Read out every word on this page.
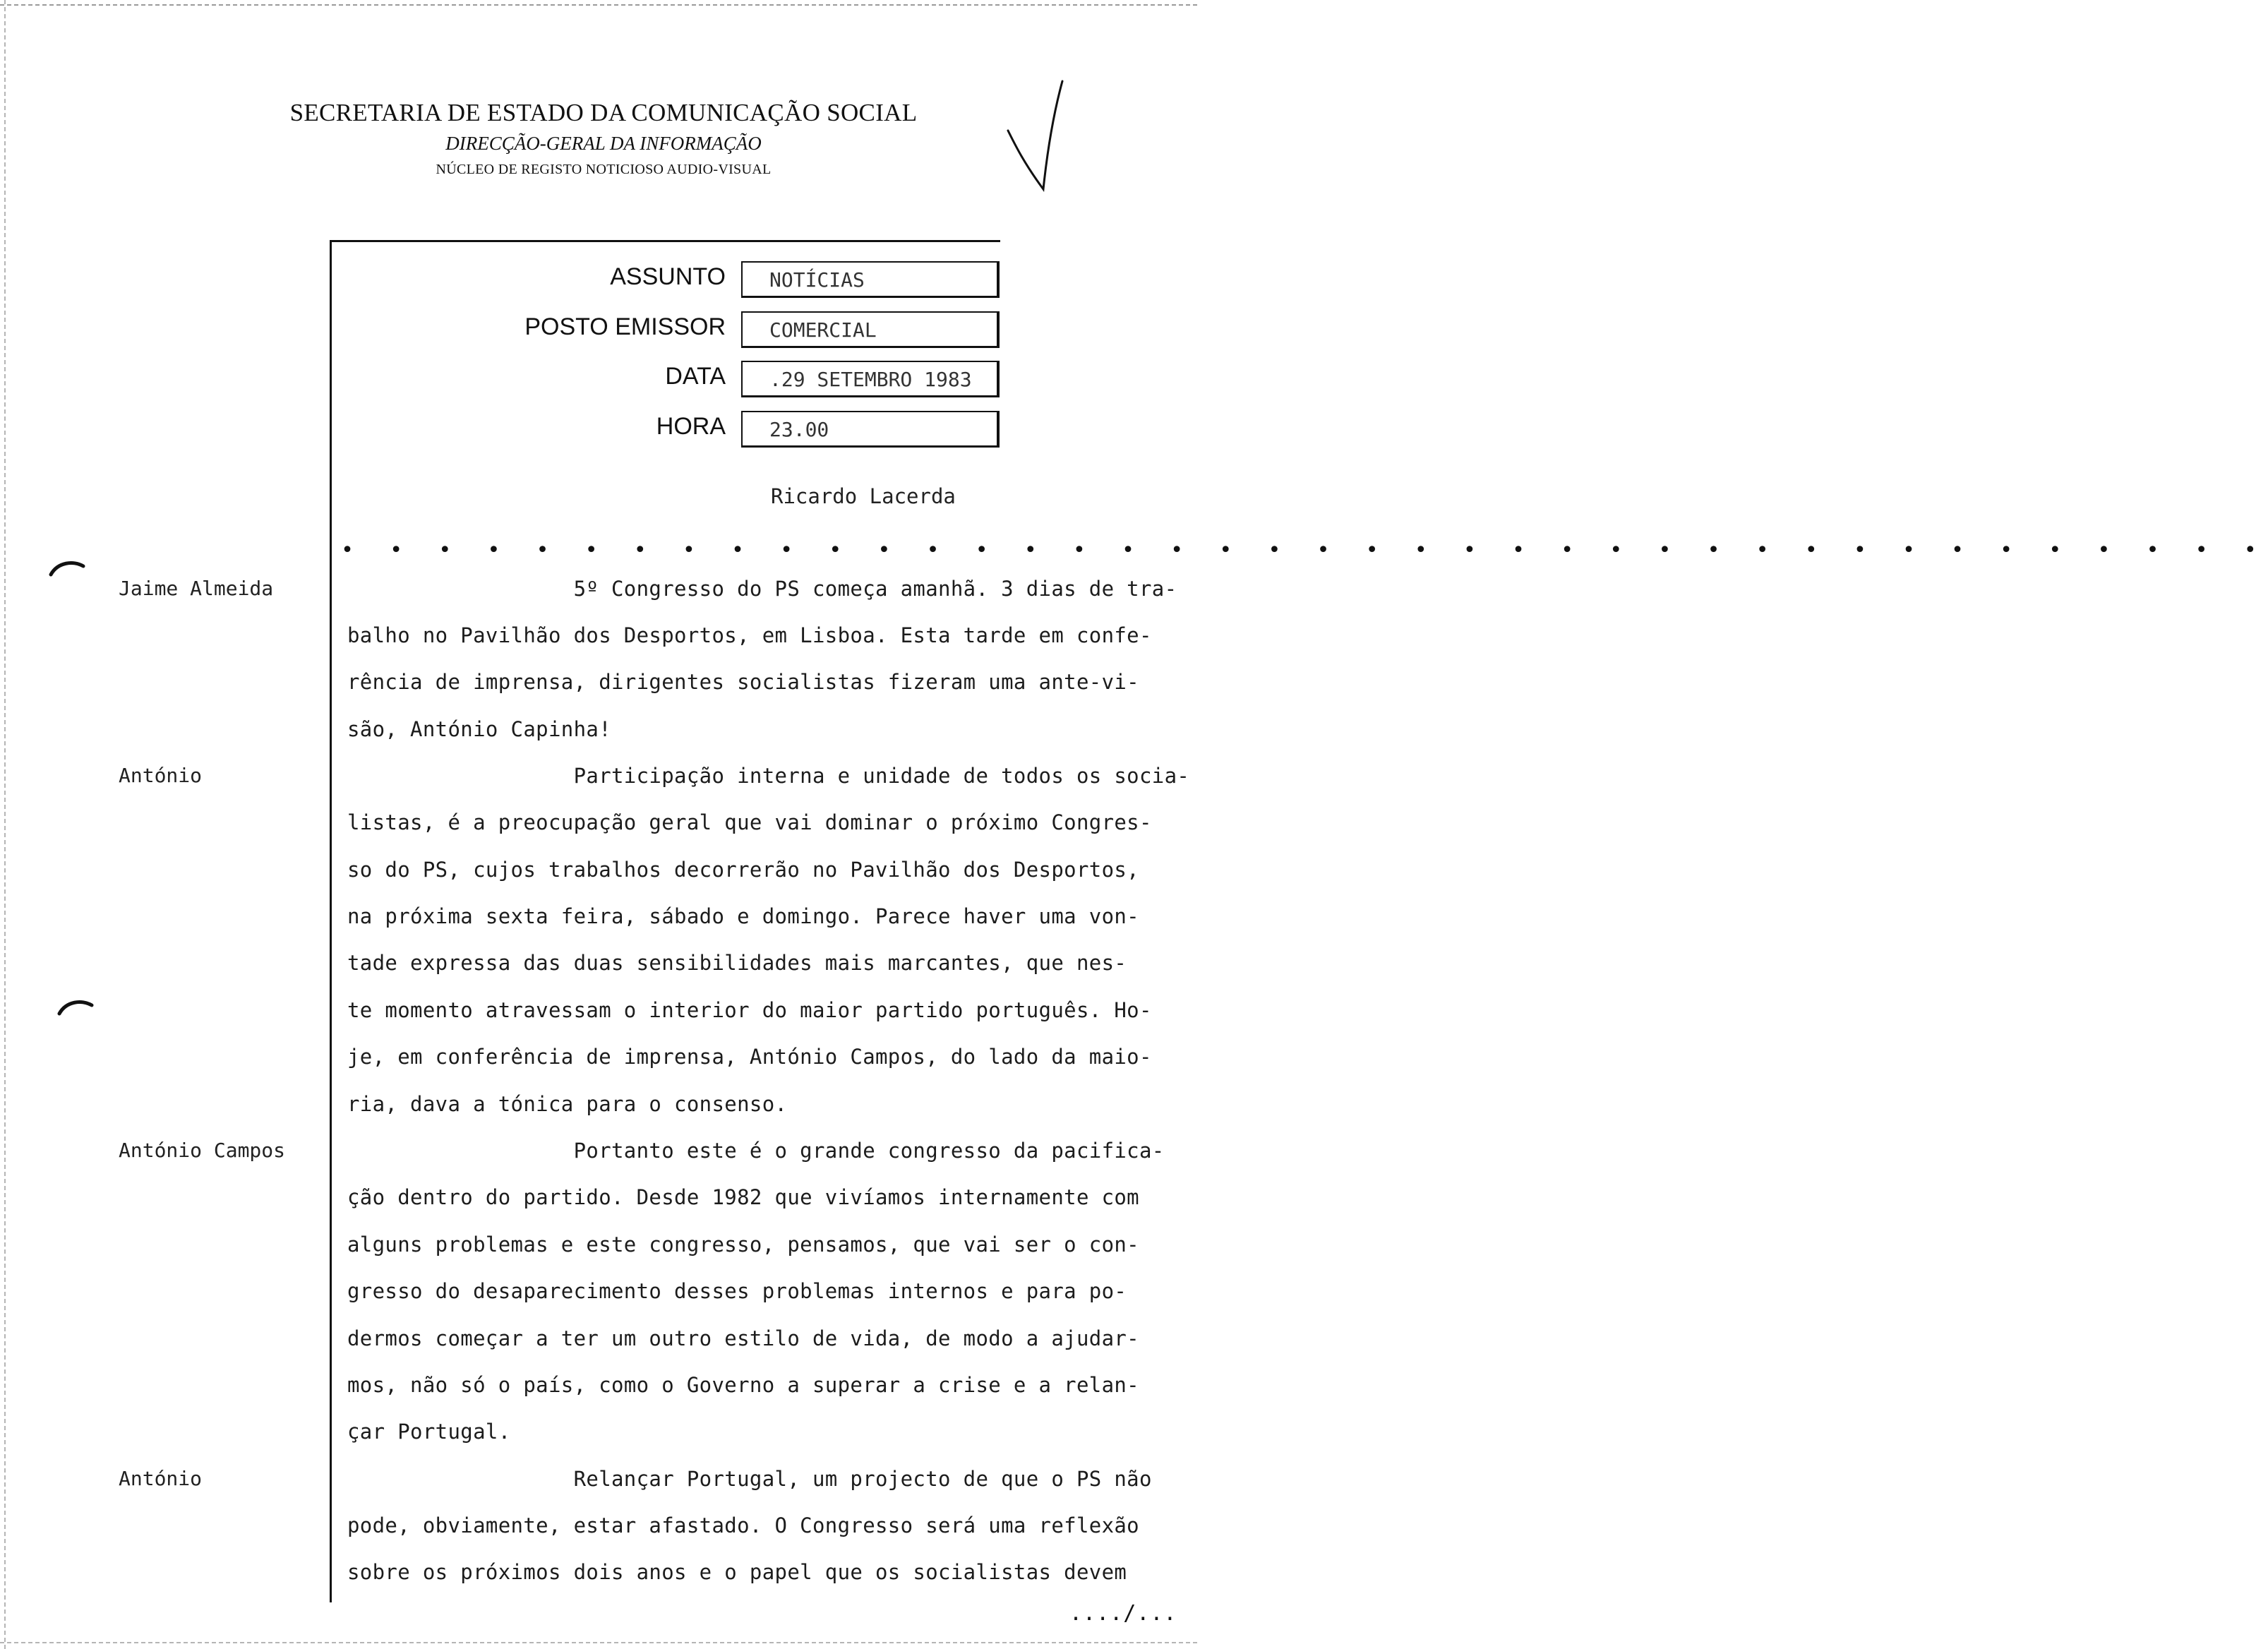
SECRETARIA DE ESTADO DA COMUNICAÇÃO SOCIAL
DIRECÇÃO-GERAL DA INFORMAÇÃO
NÚCLEO DE REGISTO NOTICIOSO AUDIO-VISUAL
ASSUNTO NOTÍCIAS
POSTO EMISSOR COMERCIAL
DATA .29 SETEMBRO 1983
HORA 23.00
Ricardo Lacerda
• • • • • • • • • • • • • • • • • • • • • • • • • • • • • • • • • • • • • • • •
Jaime Almeida
António
António Campos
António
5º Congresso do PS começa amanhã. 3 dias de tra-
balho no Pavilhão dos Desportos, em Lisboa. Esta tarde em confe-
rência de imprensa, dirigentes socialistas fizeram uma ante-vi-
são, António Capinha!
Participação interna e unidade de todos os socia-
listas, é a preocupação geral que vai dominar o próximo Congres-
so do PS, cujos trabalhos decorrerão no Pavilhão dos Desportos,
na próxima sexta feira, sábado e domingo. Parece haver uma von-
tade expressa das duas sensibilidades mais marcantes, que nes-
te momento atravessam o interior do maior partido português. Ho-
je, em conferência de imprensa, António Campos, do lado da maio-
ria, dava a tónica para o consenso.
Portanto este é o grande congresso da pacifica-
ção dentro do partido. Desde 1982 que vivíamos internamente com
alguns problemas e este congresso, pensamos, que vai ser o con-
gresso do desaparecimento desses problemas internos e para po-
dermos começar a ter um outro estilo de vida, de modo a ajudar-
mos, não só o país, como o Governo a superar a crise e a relan-
çar Portugal.
Relançar Portugal, um projecto de que o PS não
pode, obviamente, estar afastado. O Congresso será uma reflexão
sobre os próximos dois anos e o papel que os socialistas devem
..../...
